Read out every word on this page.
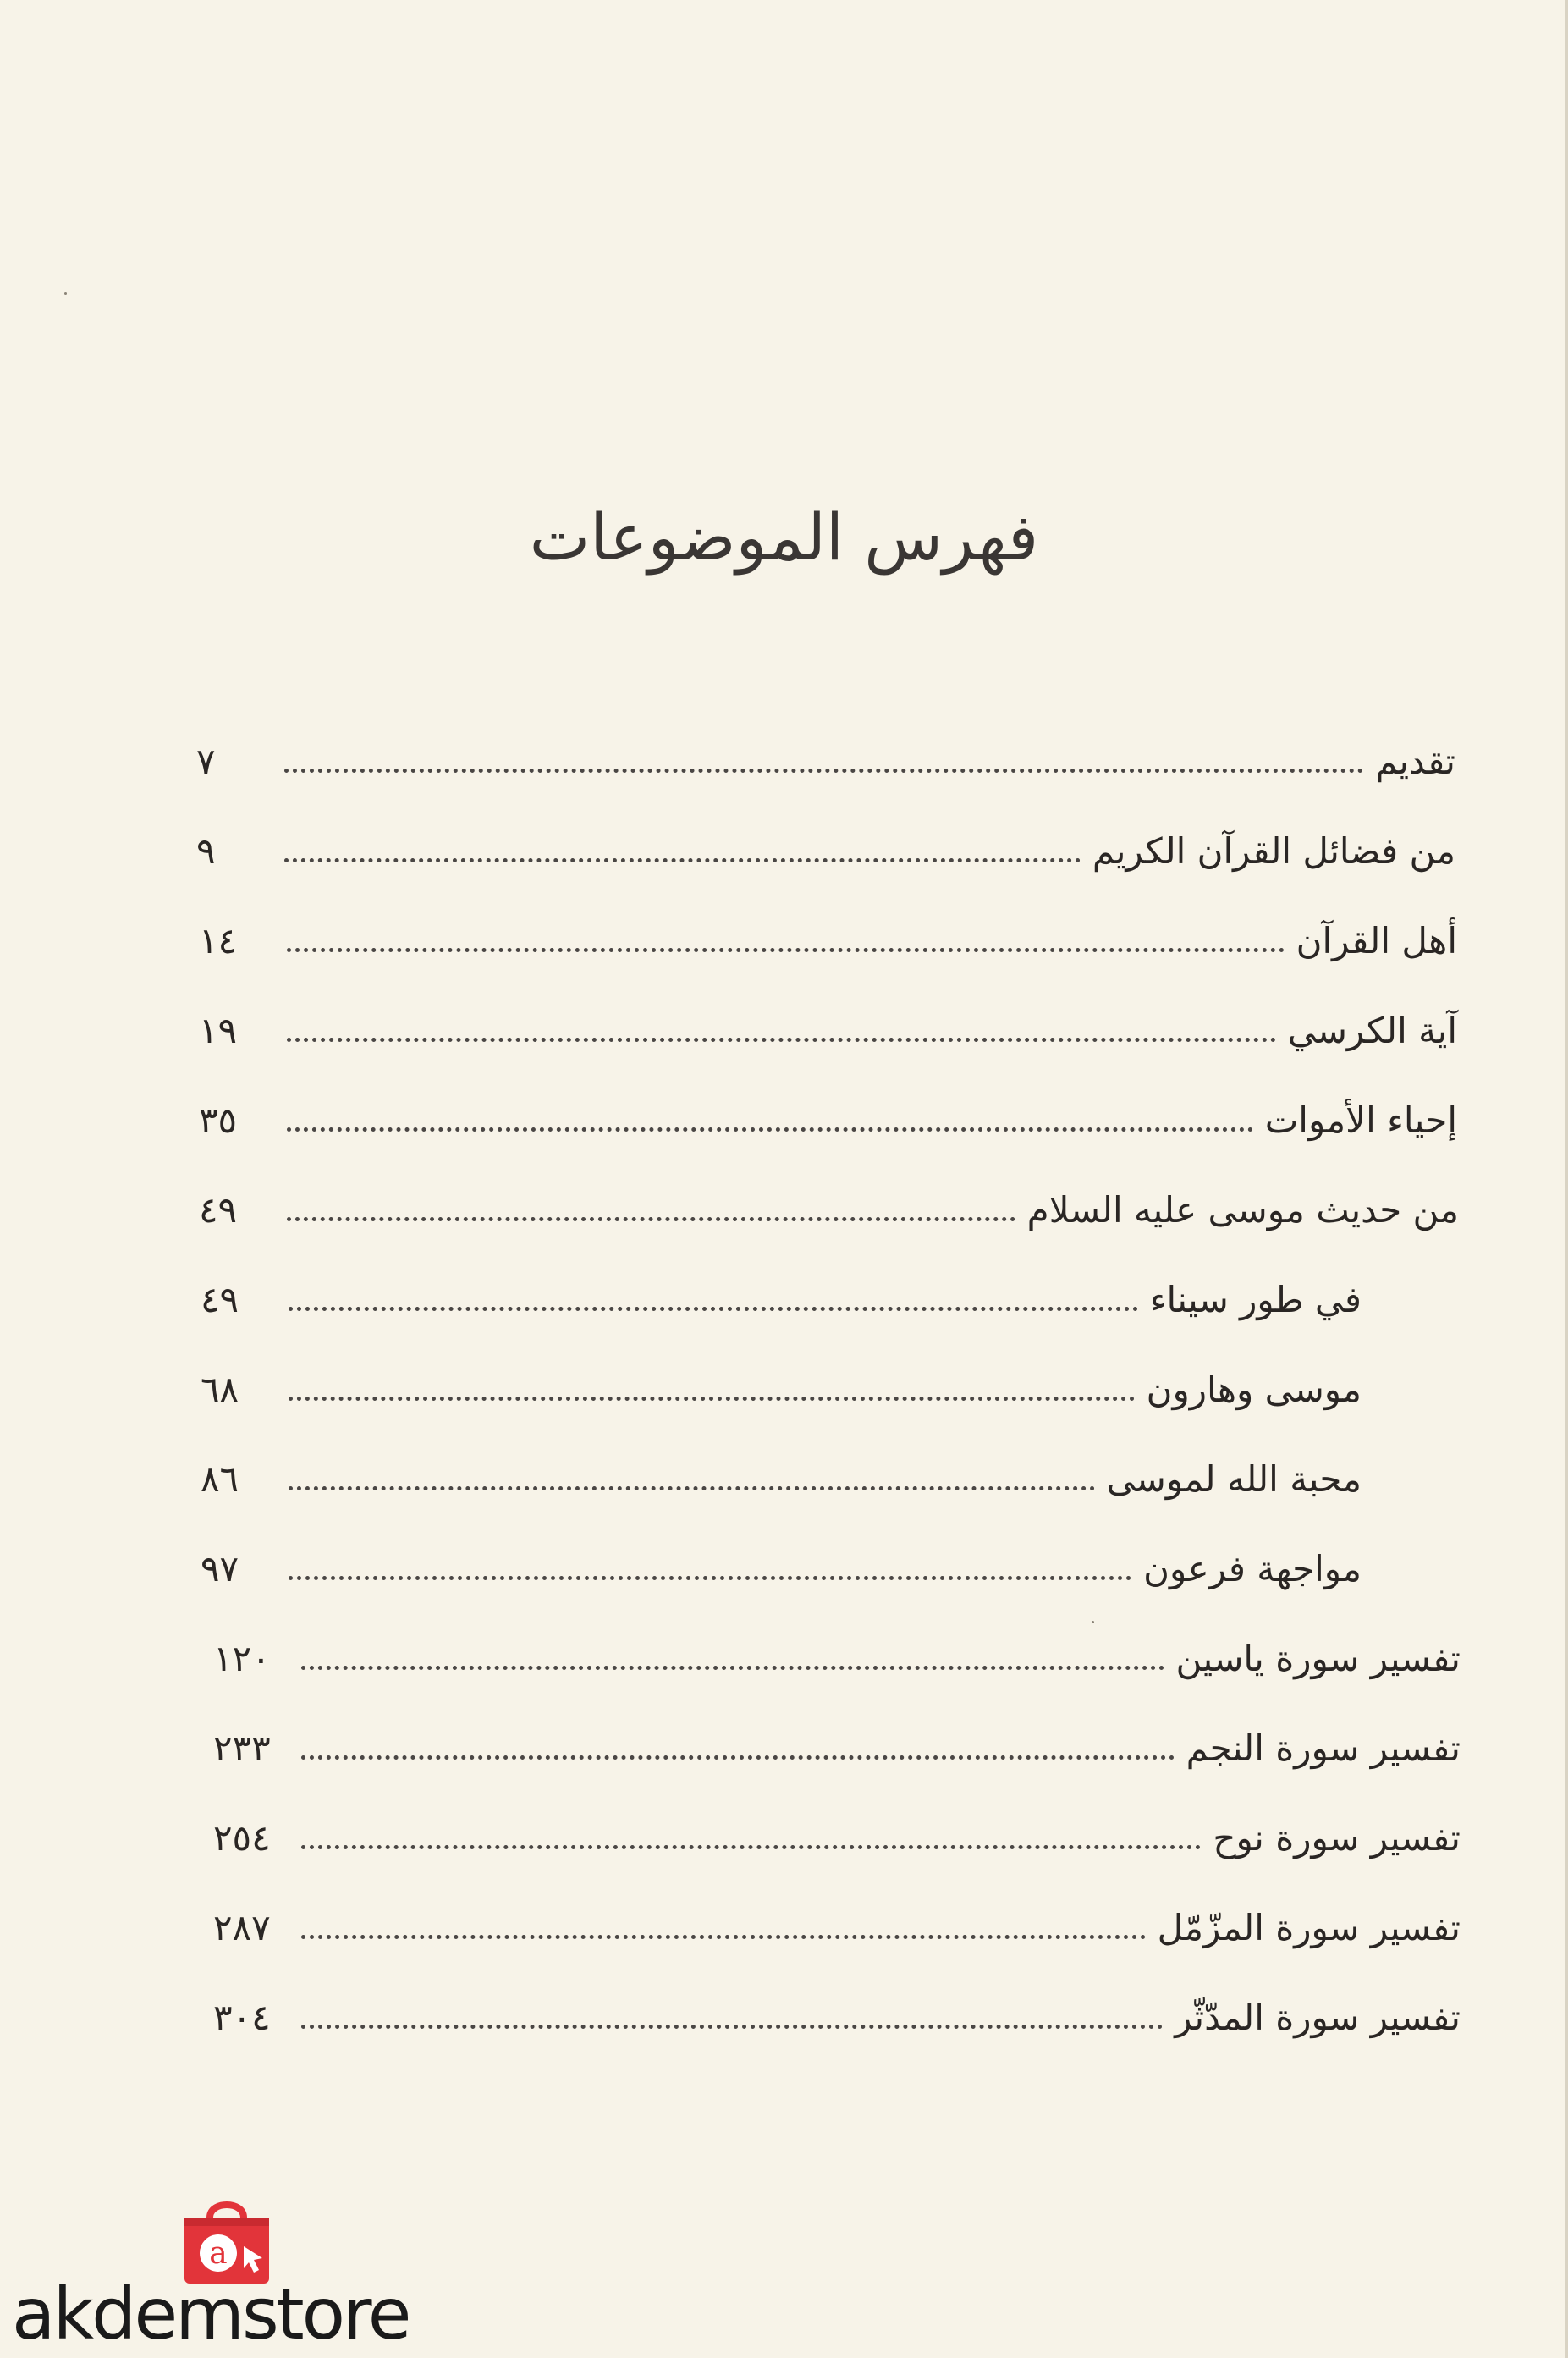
فهرس الموضوعات
٧	تقديم
٩	من فضائل القرآن الكريم
١٤	أهل القرآن
١٩	آية الكرسي
٣٥	إحياء الأموات
٤٩	من حديث موسى عليه السلام
٤٩	في طور سيناء
٦٨	موسى وهارون
٨٦	محبة الله لموسى
٩٧	مواجهة فرعون
١٢٠	تفسير سورة ياسين
٢٣٣	تفسير سورة النجم
٢٥٤	تفسير سورة نوح
٢٨٧	تفسير سورة المزّمّل
٣٠٤	تفسير سورة المدّثّر
a
akdemstore
